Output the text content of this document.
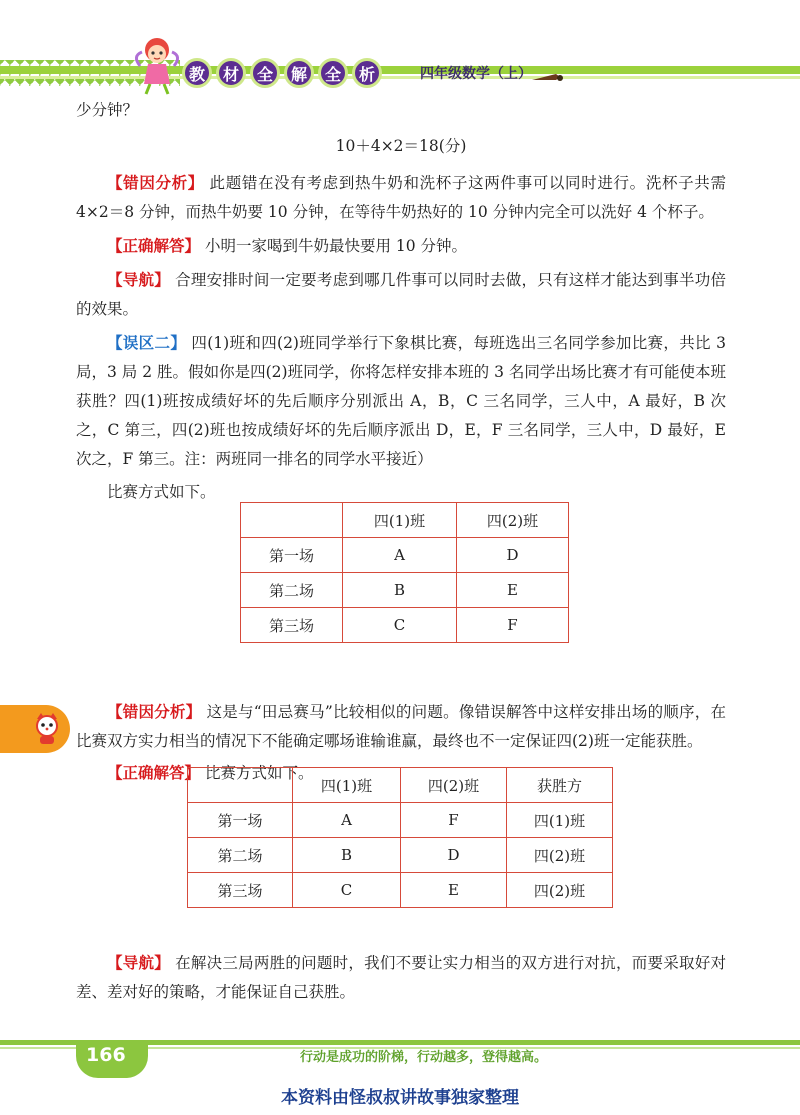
教	材	全	解	全	析	四年级数学（上）
少分钟？
10＋4×2＝18(分)

【错因分析】 此题错在没有考虑到热牛奶和洗杯子这两件事可以同时进行。洗杯子共需 4×2＝8 分钟，而热牛奶要 10 分钟，在等待牛奶热好的 10 分钟内完全可以洗好 4 个杯子。

【正确解答】 小明一家喝到牛奶最快要用 10 分钟。

【导航】 合理安排时间一定要考虑到哪几件事可以同时去做，只有这样才能达到事半功倍的效果。

【误区二】 四(1)班和四(2)班同学举行下象棋比赛，每班选出三名同学参加比赛，共比 3 局，3 局 2 胜。假如你是四(2)班同学，你将怎样安排本班的 3 名同学出场比赛才有可能使本班获胜？四(1)班按成绩好坏的先后顺序分别派出 A，B，C 三名同学，三人中，A 最好，B 次之，C 第三，四(2)班也按成绩好坏的先后顺序派出 D，E，F 三名同学，三人中，D 最好，E 次之，F 第三。注：两班同一排名的同学水平接近）

比赛方式如下。

【错因分析】 这是与“田忌赛马”比较相似的问题。像错误解答中这样安排出场的顺序，在比赛双方实力相当的情况下不能确定哪场谁输谁赢，最终也不一定保证四(2)班一定能获胜。

【正确解答】 比赛方式如下。

【导航】 在解决三局两胜的问题时，我们不要让实力相当的双方进行对抗，而要采取好对差、差对好的策略，才能保证自己获胜。

	四(1)班	四(2)班
第一场	A	D
第二场	B	E
第三场	C	F
	四(1)班	四(2)班	获胜方
第一场	A	F	四(1)班
第二场	B	D	四(2)班
第三场	C	E	四(2)班
166	行动是成功的阶梯，行动越多，登得越高。
本资料由怪叔叔讲故事独家整理
